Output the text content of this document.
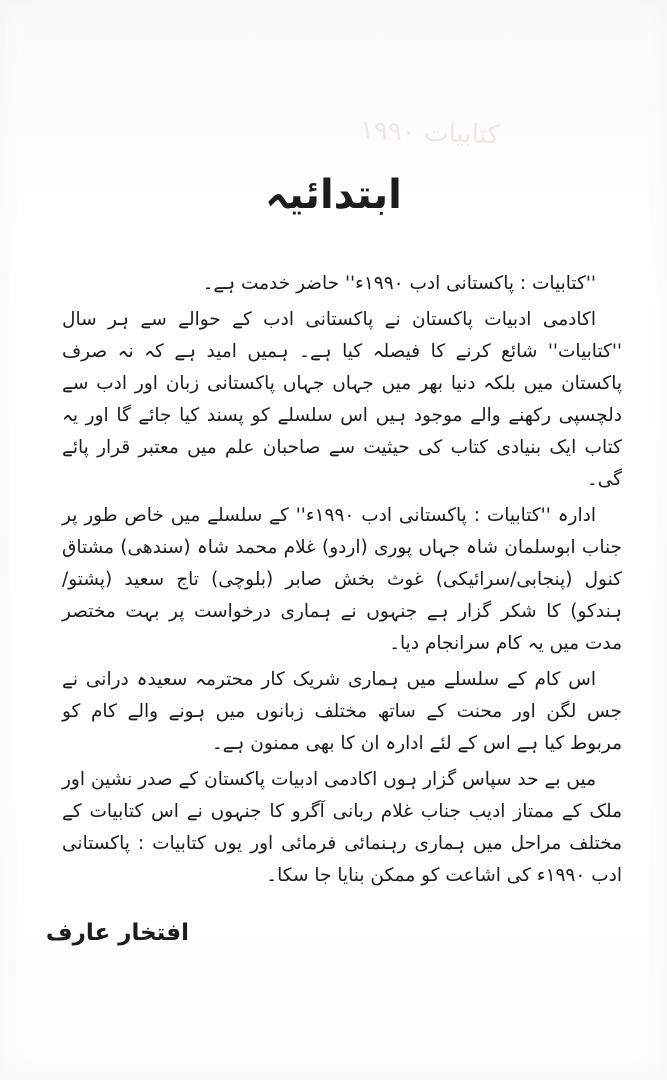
کتابیات ۱۹۹۰
ابتدائیہ

''کتابیات : پاکستانی ادب ۱۹۹۰ء'' حاضر خدمت ہے۔

اکادمی ادبیات پاکستان نے پاکستانی ادب کے حوالے سے ہر سال ''کتابیات'' شائع کرنے کا فیصلہ کیا ہے۔ ہمیں امید ہے کہ نہ صرف پاکستان میں بلکہ دنیا بھر میں جہاں جہاں پاکستانی زبان اور ادب سے دلچسپی رکھنے والے موجود ہیں اس سلسلے کو پسند کیا جائے گا اور یہ کتاب ایک بنیادی کتاب کی حیثیت سے صاحبان علم میں معتبر قرار پائے گی۔

ادارہ ''کتابیات : پاکستانی ادب ۱۹۹۰ء'' کے سلسلے میں خاص طور پر جناب ابوسلمان شاہ جہاں پوری (اردو) غلام محمد شاہ (سندھی) مشتاق کنول (پنجابی/سرائیکی) غوث بخش صابر (بلوچی) تاج سعید (پشتو/ہندکو) کا شکر گزار ہے جنہوں نے ہماری درخواست پر بہت مختصر مدت میں یہ کام سرانجام دیا۔

اس کام کے سلسلے میں ہماری شریک کار محترمہ سعیدہ درانی نے جس لگن اور محنت کے ساتھ مختلف زبانوں میں ہونے والے کام کو مربوط کیا ہے اس کے لئے ادارہ ان کا بھی ممنون ہے۔

میں بے حد سپاس گزار ہوں اکادمی ادبیات پاکستان کے صدر نشین اور ملک کے ممتاز ادیب جناب غلام ربانی آگرو کا جنہوں نے اس کتابیات کے مختلف مراحل میں ہماری رہنمائی فرمائی اور یوں کتابیات : پاکستانی ادب ۱۹۹۰ء کی اشاعت کو ممکن بنایا جا سکا۔

افتخار عارف
